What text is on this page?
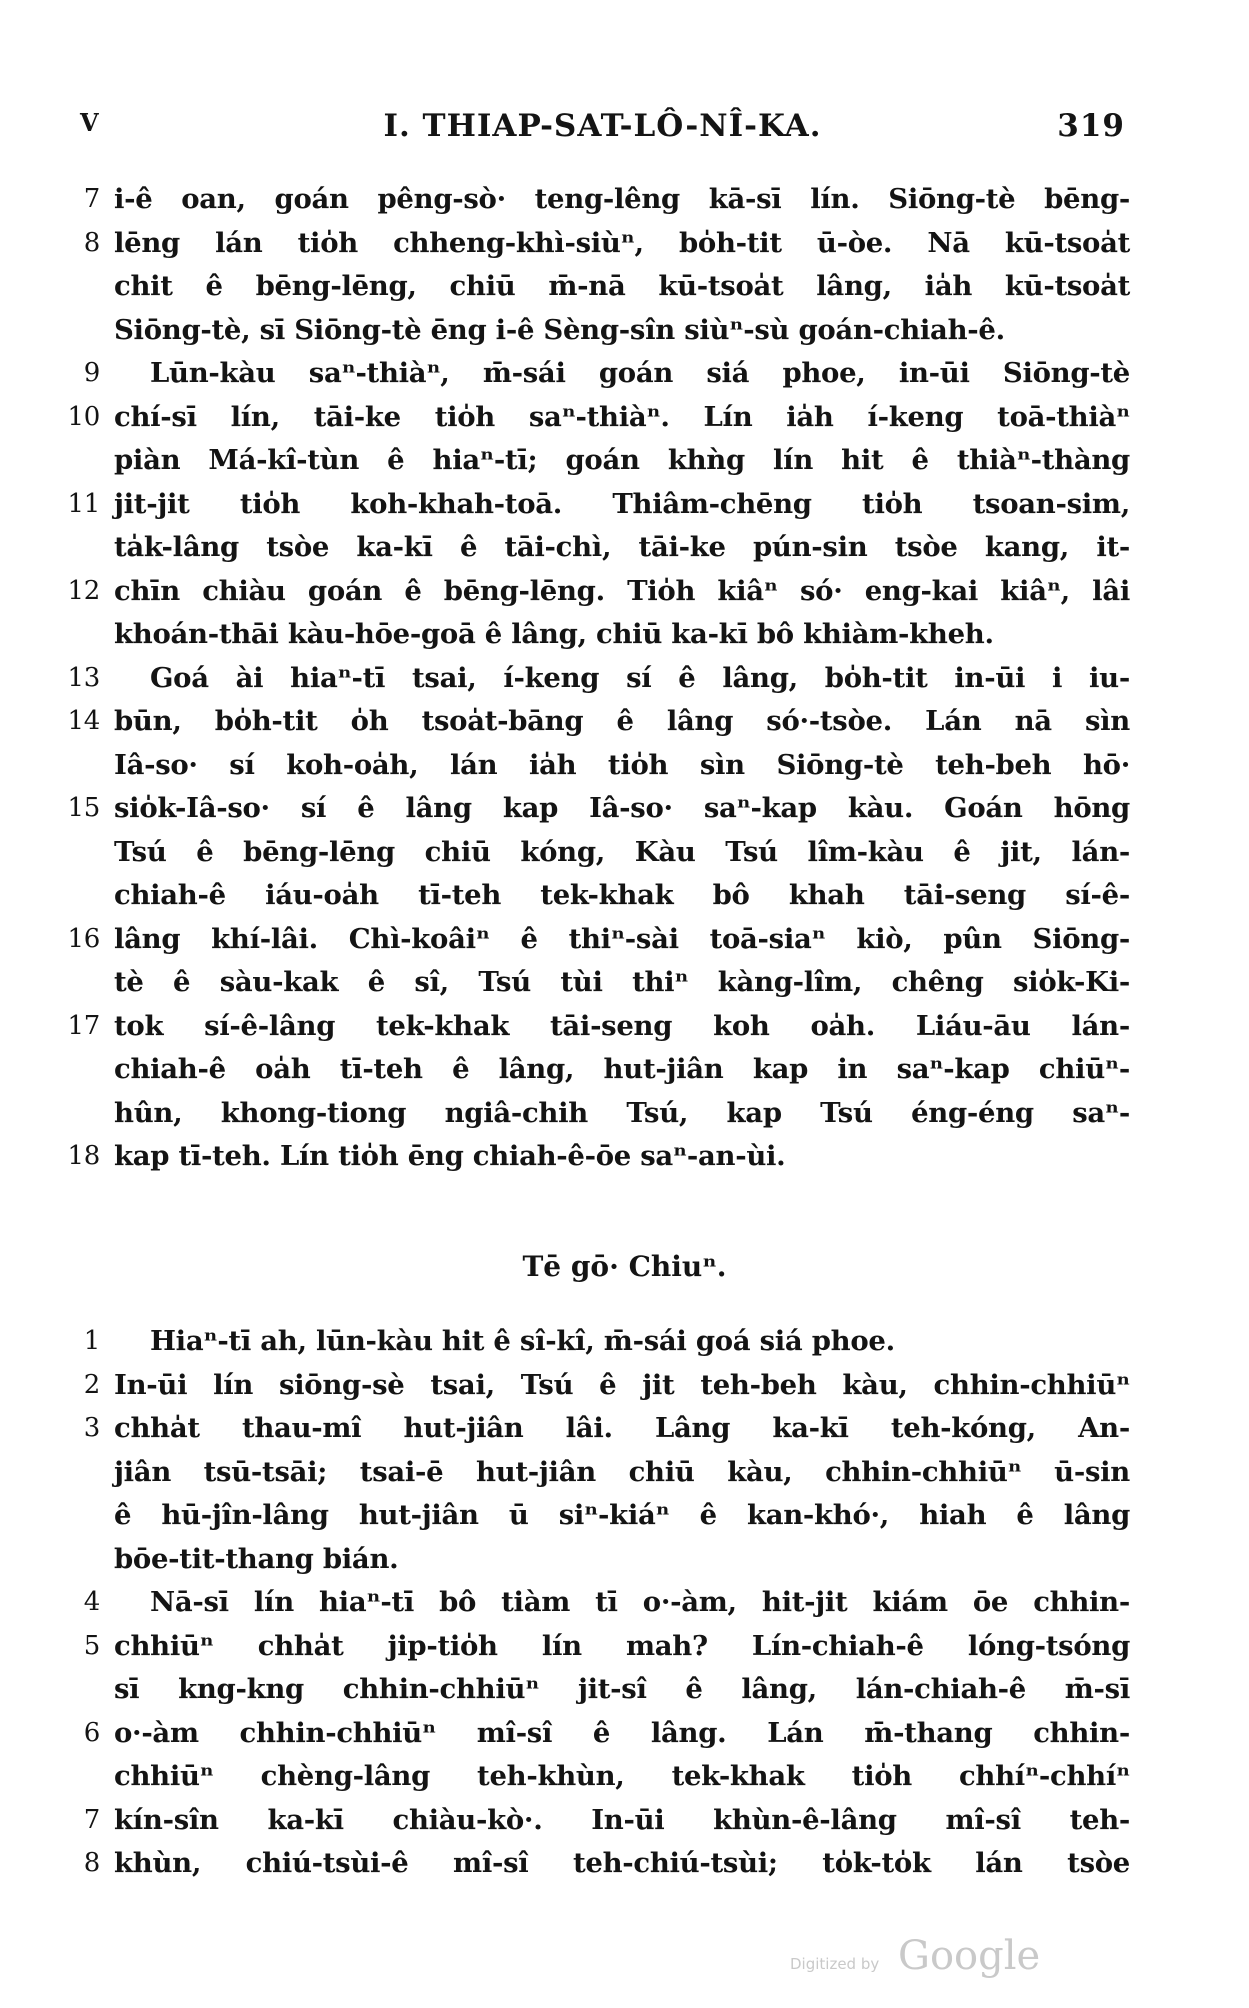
V	I. THIAP-SAT-LÔ-NÎ-KA.	319
7 i-ê oan, goán pêng-sò· teng-lêng kā-sī lín. Siōng-tè bēng-
8 lēng lán tio̍h chheng-khì-siùⁿ, bo̍h-tit ū-òe. Nā kū-tsoa̍t
chit ê bēng-lēng, chiū m̄-nā kū-tsoa̍t lâng, ia̍h kū-tsoa̍t
Siōng-tè, sī Siōng-tè ēng i-ê Sèng-sîn siùⁿ-sù goán-chiah-ê.
9	Lūn-kàu saⁿ-thiàⁿ, m̄-sái goán siá phoe, in-ūi Siōng-tè
10 chí-sī lín, tāi-ke tio̍h saⁿ-thiàⁿ. Lín ia̍h í-keng toā-thiàⁿ
piàn Má-kî-tùn ê hiaⁿ-tī; goán khǹg lín hit ê thiàⁿ-thàng
11 jit-jit tio̍h koh-khah-toā. Thiâm-chēng tio̍h tsoan-sim,
ta̍k-lâng tsòe ka-kī ê tāi-chì, tāi-ke pún-sin tsòe kang, it-
12 chīn chiàu goán ê bēng-lēng. Tio̍h kiâⁿ só· eng-kai kiâⁿ, lâi
khoán-thāi kàu-hōe-goā ê lâng, chiū ka-kī bô khiàm-kheh.
13	Goá ài hiaⁿ-tī tsai, í-keng sí ê lâng, bo̍h-tit in-ūi i iu-
14 būn, bo̍h-tit o̍h tsoa̍t-bāng ê lâng só·-tsòe. Lán nā sìn
Iâ-so· sí koh-oa̍h, lán ia̍h tio̍h sìn Siōng-tè teh-beh hō·
15 sio̍k-Iâ-so· sí ê lâng kap Iâ-so· saⁿ-kap kàu. Goán hōng
Tsú ê bēng-lēng chiū kóng, Kàu Tsú lîm-kàu ê jit, lán-
chiah-ê iáu-oa̍h tī-teh tek-khak bô khah tāi-seng sí-ê-
16 lâng khí-lâi. Chì-koâiⁿ ê thiⁿ-sài toā-siaⁿ kiò, pûn Siōng-
tè ê sàu-kak ê sî, Tsú tùi thiⁿ kàng-lîm, chêng sio̍k-Ki-
17 tok sí-ê-lâng tek-khak tāi-seng koh oa̍h. Liáu-āu lán-
chiah-ê oa̍h tī-teh ê lâng, hut-jiân kap in saⁿ-kap chiūⁿ-
hûn, khong-tiong ngiâ-chih Tsú, kap Tsú éng-éng saⁿ-
18 kap tī-teh. Lín tio̍h ēng chiah-ê-ōe saⁿ-an-ùi.
Tē gō· Chiuⁿ.
1	Hiaⁿ-tī ah, lūn-kàu hit ê sî-kî, m̄-sái goá siá phoe.
2 In-ūi lín siōng-sè tsai, Tsú ê jit teh-beh kàu, chhin-chhiūⁿ
3 chha̍t thau-mî hut-jiân lâi. Lâng ka-kī teh-kóng, An-
jiân tsū-tsāi; tsai-ē hut-jiân chiū kàu, chhin-chhiūⁿ ū-sin
ê hū-jîn-lâng hut-jiân ū siⁿ-kiáⁿ ê kan-khó·, hiah ê lâng
bōe-tit-thang bián.
4	Nā-sī lín hiaⁿ-tī bô tiàm tī o·-àm, hit-jit kiám ōe chhin-
5 chhiūⁿ chha̍t jip-tio̍h lín mah? Lín-chiah-ê lóng-tsóng
sī kng-kng chhin-chhiūⁿ jit-sî ê lâng, lán-chiah-ê m̄-sī
6 o·-àm chhin-chhiūⁿ mî-sî ê lâng. Lán m̄-thang chhin-
chhiūⁿ chèng-lâng teh-khùn, tek-khak tio̍h chhíⁿ-chhíⁿ
7 kín-sîn ka-kī chiàu-kò·. In-ūi khùn-ê-lâng mî-sî teh-
8 khùn, chiú-tsùi-ê mî-sî teh-chiú-tsùi; to̍k-to̍k lán tsòe
Digitized by Google
